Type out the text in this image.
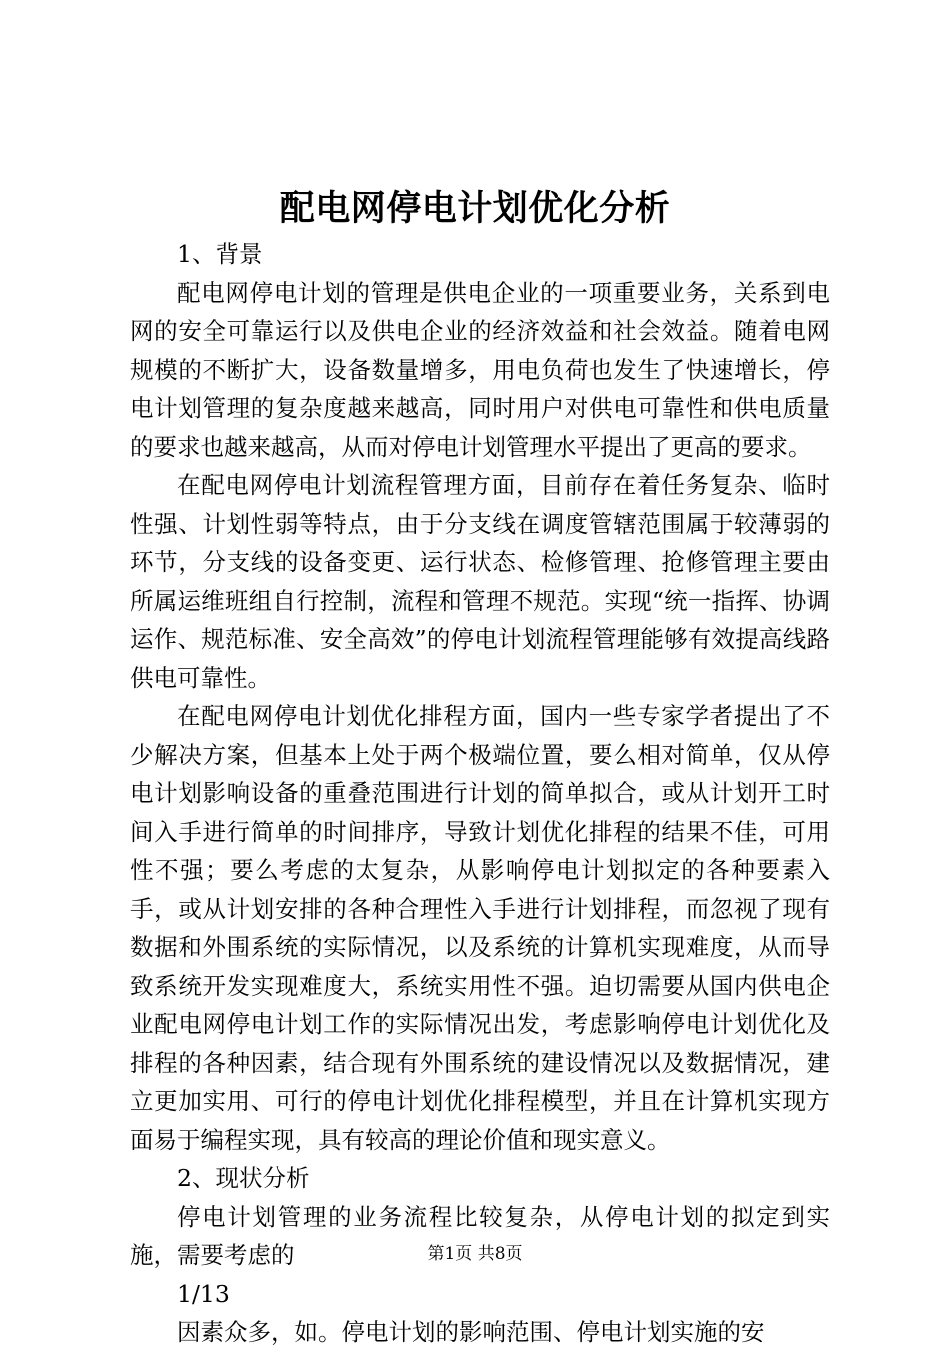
配电网停电计划优化分析

1、背景

配电网停电计划的管理是供电企业的一项重要业务，关系到电网的安全可靠运行以及供电企业的经济效益和社会效益。随着电网规模的不断扩大，设备数量增多，用电负荷也发生了快速增长，停电计划管理的复杂度越来越高，同时用户对供电可靠性和供电质量的要求也越来越高，从而对停电计划管理水平提出了更高的要求。

在配电网停电计划流程管理方面，目前存在着任务复杂、临时性强、计划性弱等特点，由于分支线在调度管辖范围属于较薄弱的环节，分支线的设备变更、运行状态、检修管理、抢修管理主要由所属运维班组自行控制，流程和管理不规范。实现“统一指挥、协调运作、规范标准、安全高效”的停电计划流程管理能够有效提高线路供电可靠性。

在配电网停电计划优化排程方面，国内一些专家学者提出了不少解决方案，但基本上处于两个极端位置，要么相对简单，仅从停电计划影响设备的重叠范围进行计划的简单拟合，或从计划开工时间入手进行简单的时间排序，导致计划优化排程的结果不佳，可用性不强；要么考虑的太复杂，从影响停电计划拟定的各种要素入手，或从计划安排的各种合理性入手进行计划排程，而忽视了现有数据和外围系统的实际情况，以及系统的计算机实现难度，从而导致系统开发实现难度大，系统实用性不强。迫切需要从国内供电企业配电网停电计划工作的实际情况出发，考虑影响停电计划优化及排程的各种因素，结合现有外围系统的建设情况以及数据情况，建立更加实用、可行的停电计划优化排程模型，并且在计算机实现方面易于编程实现，具有较高的理论价值和现实意义。

2、现状分析

停电计划管理的业务流程比较复杂，从停电计划的拟定到实施，需要考虑的

1/13

因素众多，如。停电计划的影响范围、停电计划实施的安

第1页 共8页
